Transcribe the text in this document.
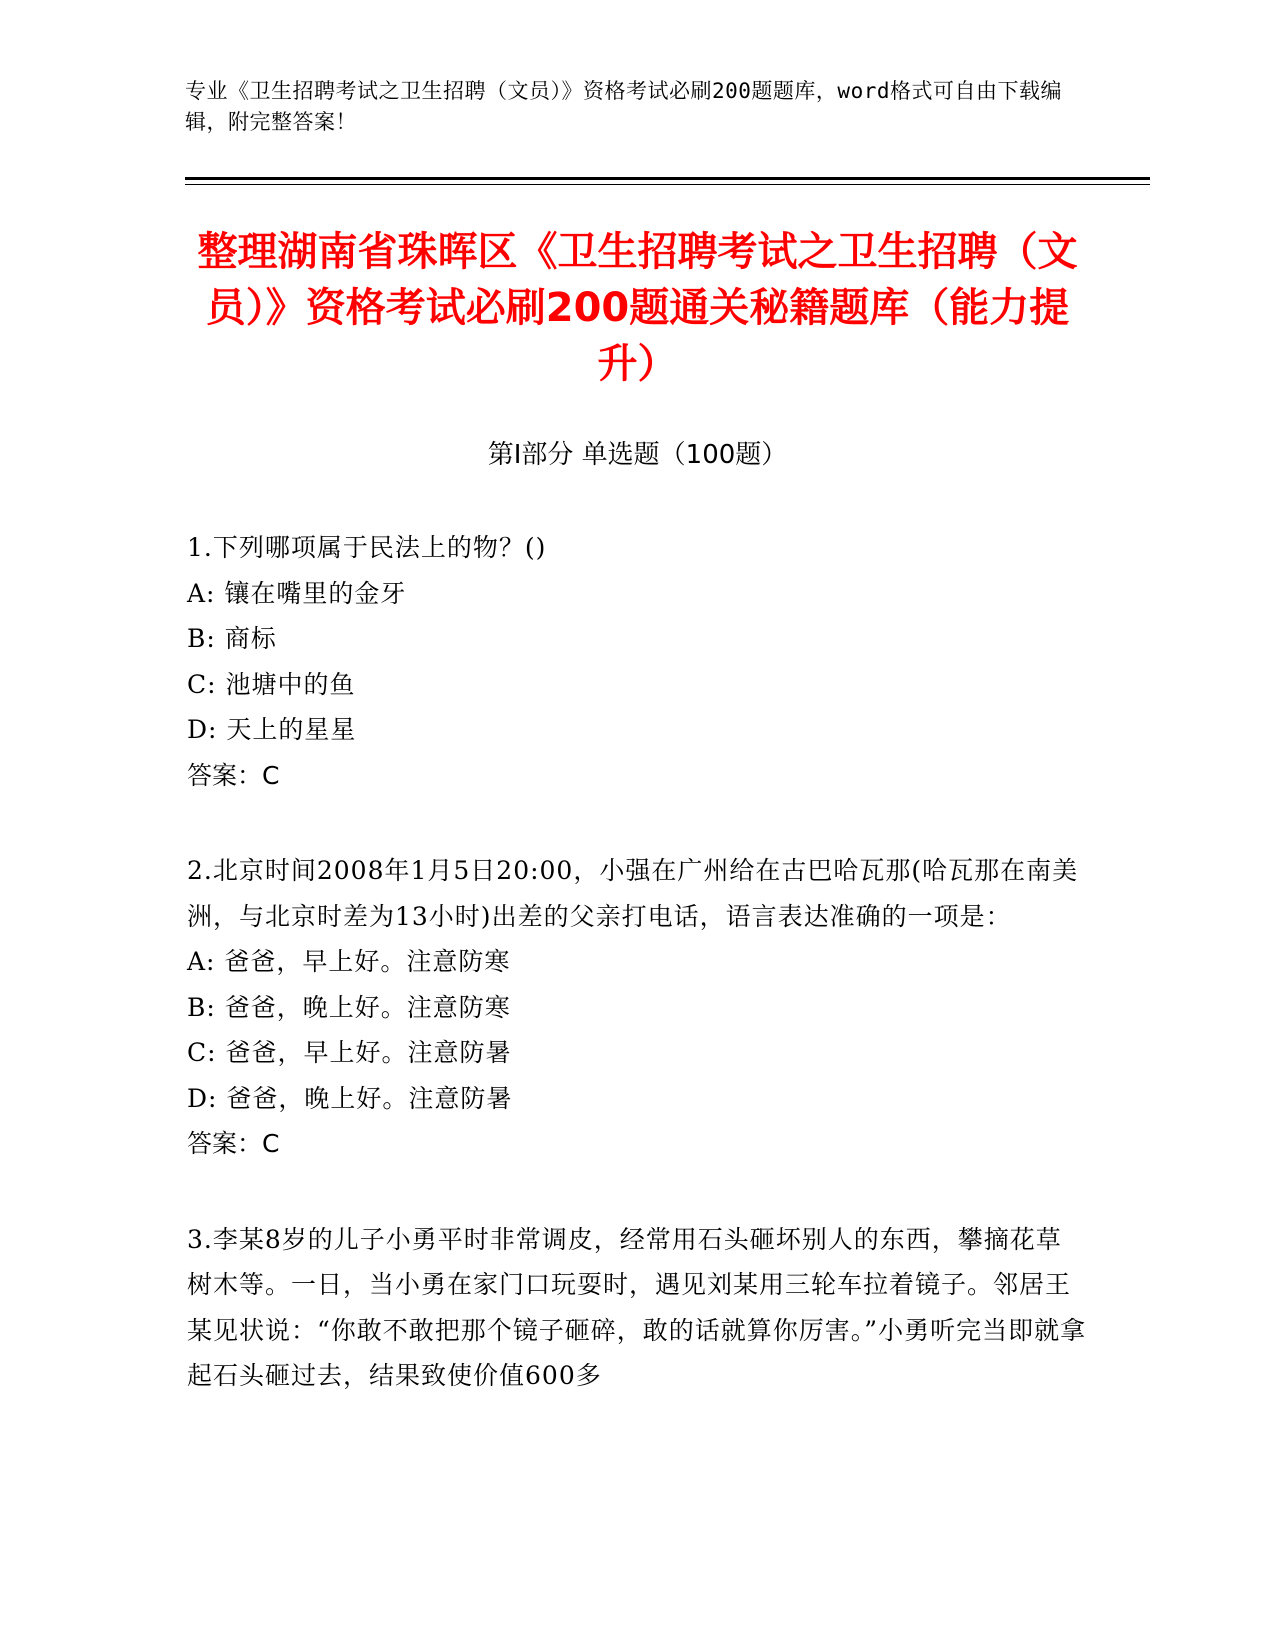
专业《卫生招聘考试之卫生招聘（文员）》资格考试必刷200题题库，word格式可自由下载编辑，附完整答案！
整理湖南省珠晖区《卫生招聘考试之卫生招聘（文员）》资格考试必刷200题通关秘籍题库（能力提升）
第Ⅰ部分 单选题（100题）

1.下列哪项属于民法上的物？()

A: 镶在嘴里的金牙

B: 商标

C: 池塘中的鱼

D: 天上的星星

答案：C

2.北京时间2008年1月5日20:00，小强在广州给在古巴哈瓦那(哈瓦那在南美洲，与北京时差为13小时)出差的父亲打电话，语言表达准确的一项是：

A: 爸爸，早上好。注意防寒

B: 爸爸，晚上好。注意防寒

C: 爸爸，早上好。注意防暑

D: 爸爸，晚上好。注意防暑

答案：C

3.李某8岁的儿子小勇平时非常调皮，经常用石头砸坏别人的东西，攀摘花草树木等。一日，当小勇在家门口玩耍时，遇见刘某用三轮车拉着镜子。邻居王某见状说：“你敢不敢把那个镜子砸碎，敢的话就算你厉害。”小勇听完当即就拿起石头砸过去，结果致使价值600多
